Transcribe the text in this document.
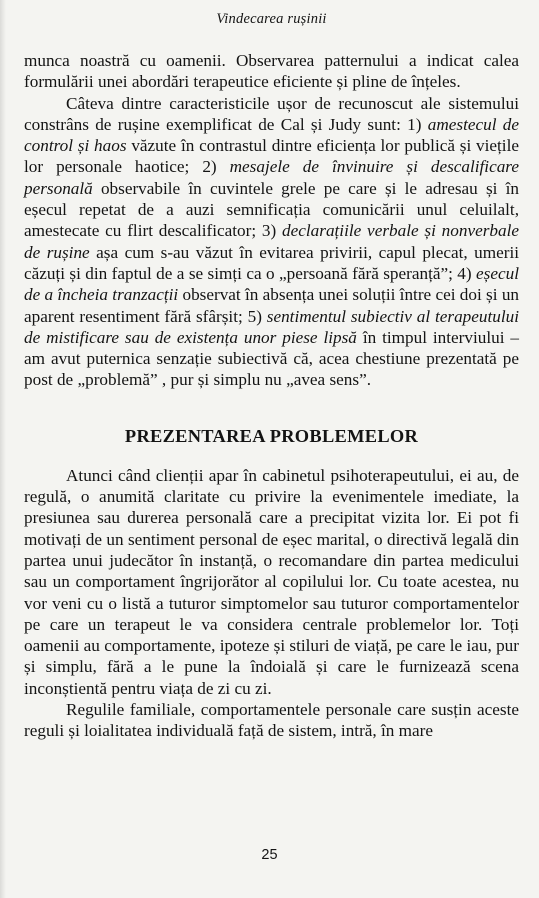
Vindecarea rușinii

munca noastră cu oamenii. Observarea patternului a indicat calea formulării unei abordări terapeutice eficiente și pline de înțeles.

Câteva dintre caracteristicile ușor de recunoscut ale sistemului constrâns de rușine exemplificat de Cal și Judy sunt: 1) amestecul de control și haos văzute în contrastul dintre eficiența lor publică și viețile lor personale haotice; 2) mesajele de învinuire și descalificare personală observabile în cuvintele grele pe care și le adresau și în eșecul repetat de a auzi semnificația comunicării unul celuilalt, amestecate cu flirt descalificator; 3) declarațiile verbale și nonverbale de rușine așa cum s-au văzut în evitarea privirii, capul plecat, umerii căzuți și din faptul de a se simți ca o „persoană fără speranță”; 4) eșecul de a încheia tranzacții observat în absența unei soluții între cei doi și un aparent resentiment fără sfârșit; 5) sentimentul subiectiv al terapeutului de mistificare sau de existența unor piese lipsă în timpul interviului – am avut puternica senzație subiectivă că, acea chestiune prezentată pe post de „problemă” , pur și simplu nu „avea sens”.

PREZENTAREA PROBLEMELOR

Atunci când clienții apar în cabinetul psihoterapeutului, ei au, de regulă, o anumită claritate cu privire la evenimentele imediate, la presiunea sau durerea personală care a precipitat vizita lor. Ei pot fi motivați de un sentiment personal de eșec marital, o directivă legală din partea unui judecător în instanță, o recomandare din partea medicului sau un comportament îngrijorător al copilului lor. Cu toate acestea, nu vor veni cu o listă a tuturor simptomelor sau tuturor comportamentelor pe care un terapeut le va considera centrale problemelor lor. Toți oamenii au comportamente, ipoteze și stiluri de viață, pe care le iau, pur și simplu, fără a le pune la îndoială și care le furnizează scena inconștientă pentru viața de zi cu zi.

Regulile familiale, comportamentele personale care susțin aceste reguli și loialitatea individuală față de sistem, intră, în mare

25
